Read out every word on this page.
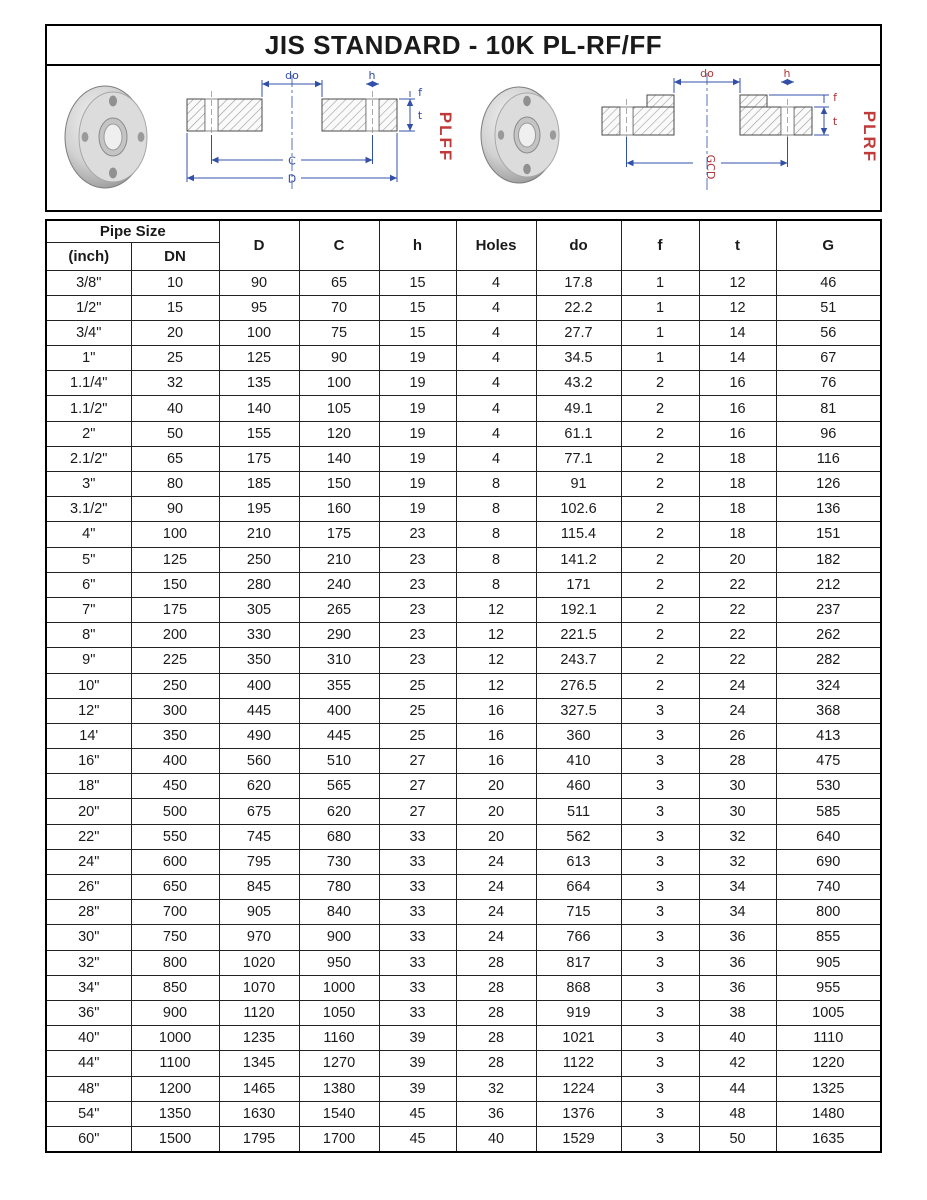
JIS STANDARD - 10K PL-RF/FF
do	h
C
D
t
f
PLFF
do	h
GCD
t
f
PLRF
Pipe Size		D	C	h	Holes	do	f	t	G
(inch)	DN								
3/8"	10	90	65	15	4	17.8	1	12	46
1/2"	15	95	70	15	4	22.2	1	12	51
3/4"	20	100	75	15	4	27.7	1	14	56
1"	25	125	90	19	4	34.5	1	14	67
1.1/4"	32	135	100	19	4	43.2	2	16	76
1.1/2"	40	140	105	19	4	49.1	2	16	81
2"	50	155	120	19	4	61.1	2	16	96
2.1/2"	65	175	140	19	4	77.1	2	18	116
3"	80	185	150	19	8	91	2	18	126
3.1/2"	90	195	160	19	8	102.6	2	18	136
4"	100	210	175	23	8	115.4	2	18	151
5"	125	250	210	23	8	141.2	2	20	182
6"	150	280	240	23	8	171	2	22	212
7"	175	305	265	23	12	192.1	2	22	237
8"	200	330	290	23	12	221.5	2	22	262
9"	225	350	310	23	12	243.7	2	22	282
10"	250	400	355	25	12	276.5	2	24	324
12"	300	445	400	25	16	327.5	3	24	368
14'	350	490	445	25	16	360	3	26	413
16"	400	560	510	27	16	410	3	28	475
18"	450	620	565	27	20	460	3	30	530
20"	500	675	620	27	20	511	3	30	585
22"	550	745	680	33	20	562	3	32	640
24"	600	795	730	33	24	613	3	32	690
26"	650	845	780	33	24	664	3	34	740
28"	700	905	840	33	24	715	3	34	800
30"	750	970	900	33	24	766	3	36	855
32"	800	1020	950	33	28	817	3	36	905
34"	850	1070	1000	33	28	868	3	36	955
36"	900	1120	1050	33	28	919	3	38	1005
40"	1000	1235	1160	39	28	1021	3	40	1110
44"	1100	1345	1270	39	28	1122	3	42	1220
48"	1200	1465	1380	39	32	1224	3	44	1325
54"	1350	1630	1540	45	36	1376	3	48	1480
60"	1500	1795	1700	45	40	1529	3	50	1635
